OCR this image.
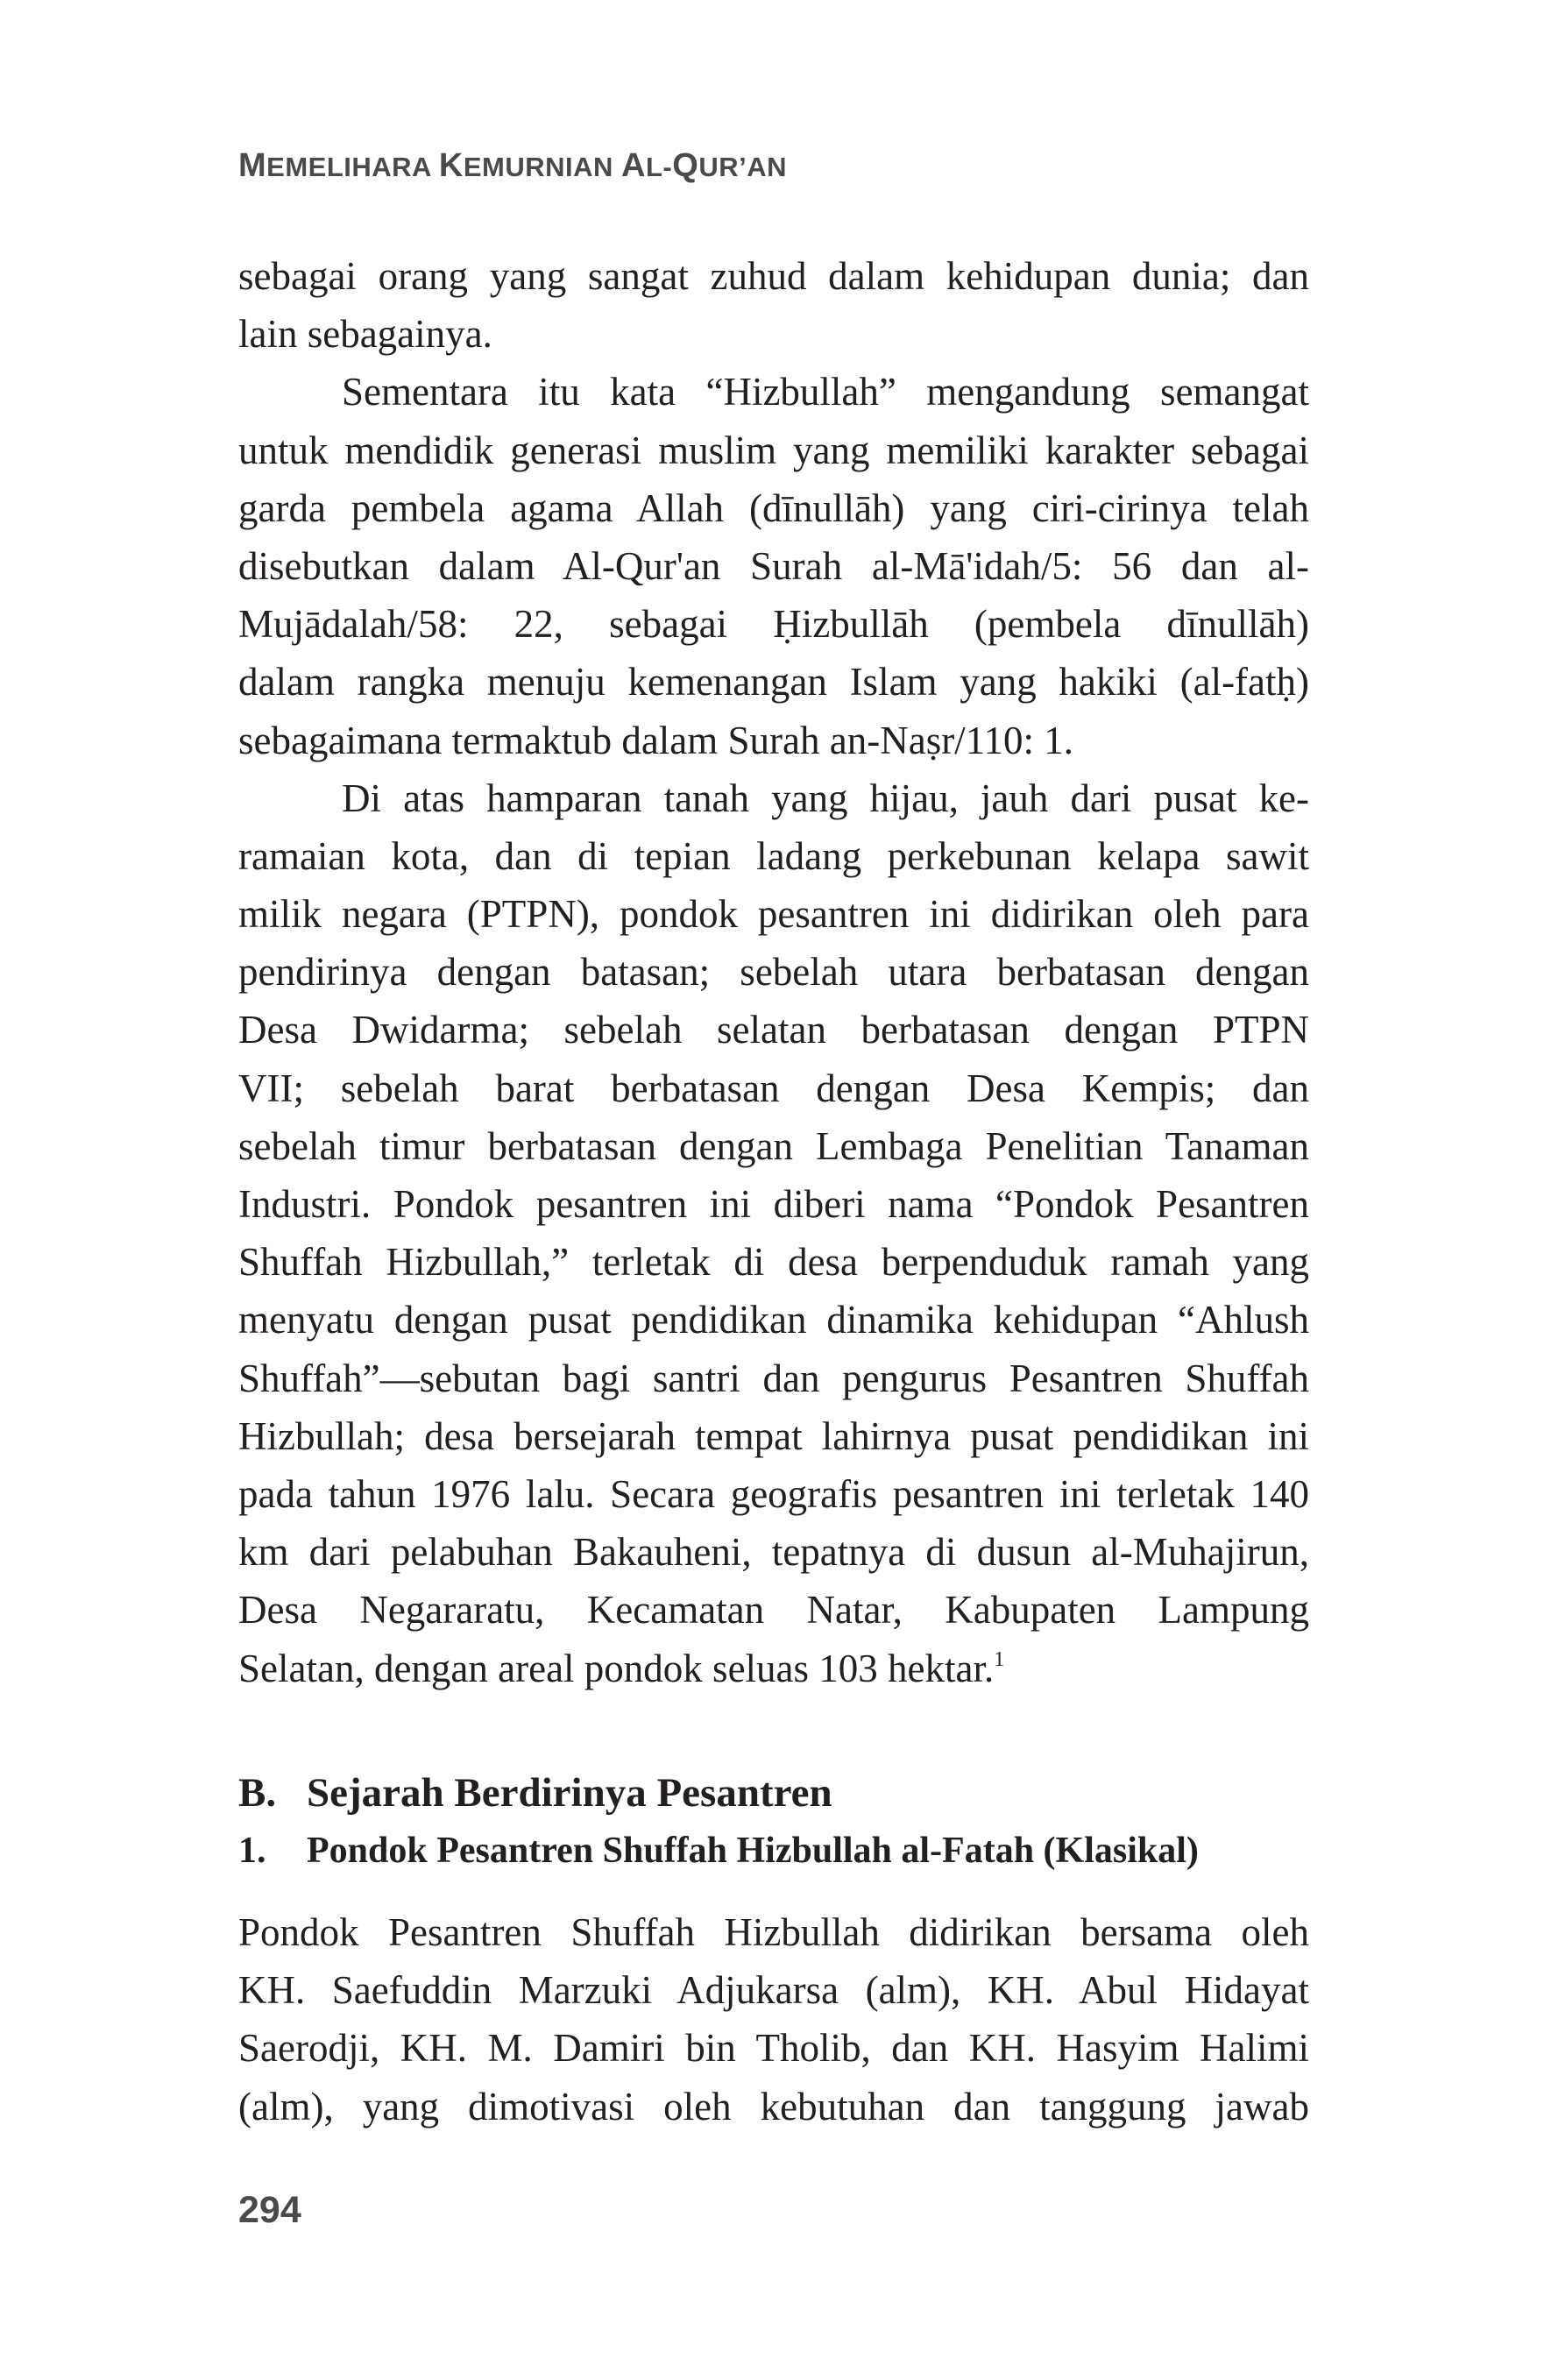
MEMELIHARA KEMURNIAN AL-QUR’AN
sebagai orang yang sangat zuhud dalam kehidupan dunia; dan
lain sebagainya.
Sementara itu kata “Hizbullah” mengandung semangat
untuk mendidik generasi muslim yang memiliki karakter sebagai
garda pembela agama Allah (dīnullāh) yang ciri-cirinya telah
disebutkan dalam Al-Qur'an Surah al-Mā'idah/5: 56 dan al-
Mujādalah/58: 22, sebagai Ḥizbullāh (pembela dīnullāh)
dalam rangka menuju kemenangan Islam yang hakiki (al-fatḥ)
sebagaimana termaktub dalam Surah an-Naṣr/110: 1.
Di atas hamparan tanah yang hijau, jauh dari pusat ke-
ramaian kota, dan di tepian ladang perkebunan kelapa sawit
milik negara (PTPN), pondok pesantren ini didirikan oleh para
pendirinya dengan batasan; sebelah utara berbatasan dengan
Desa Dwidarma; sebelah selatan berbatasan dengan PTPN
VII; sebelah barat berbatasan dengan Desa Kempis; dan
sebelah timur berbatasan dengan Lembaga Penelitian Tanaman
Industri. Pondok pesantren ini diberi nama “Pondok Pesantren
Shuffah Hizbullah,” terletak di desa berpenduduk ramah yang
menyatu dengan pusat pendidikan dinamika kehidupan “Ahlush
Shuffah”—sebutan bagi santri dan pengurus Pesantren Shuffah
Hizbullah; desa bersejarah tempat lahirnya pusat pendidikan ini
pada tahun 1976 lalu. Secara geografis pesantren ini terletak 140
km dari pelabuhan Bakauheni, tepatnya di dusun al-Muhajirun,
Desa Negararatu, Kecamatan Natar, Kabupaten Lampung
Selatan, dengan areal pondok seluas 103 hektar.$^1$
B. Sejarah Berdirinya Pesantren
1. Pondok Pesantren Shuffah Hizbullah al-Fatah (Klasikal)
Pondok Pesantren Shuffah Hizbullah didirikan bersama oleh
KH. Saefuddin Marzuki Adjukarsa (alm), KH. Abul Hidayat
Saerodji, KH. M. Damiri bin Tholib, dan KH. Hasyim Halimi
(alm), yang dimotivasi oleh kebutuhan dan tanggung jawab
294
